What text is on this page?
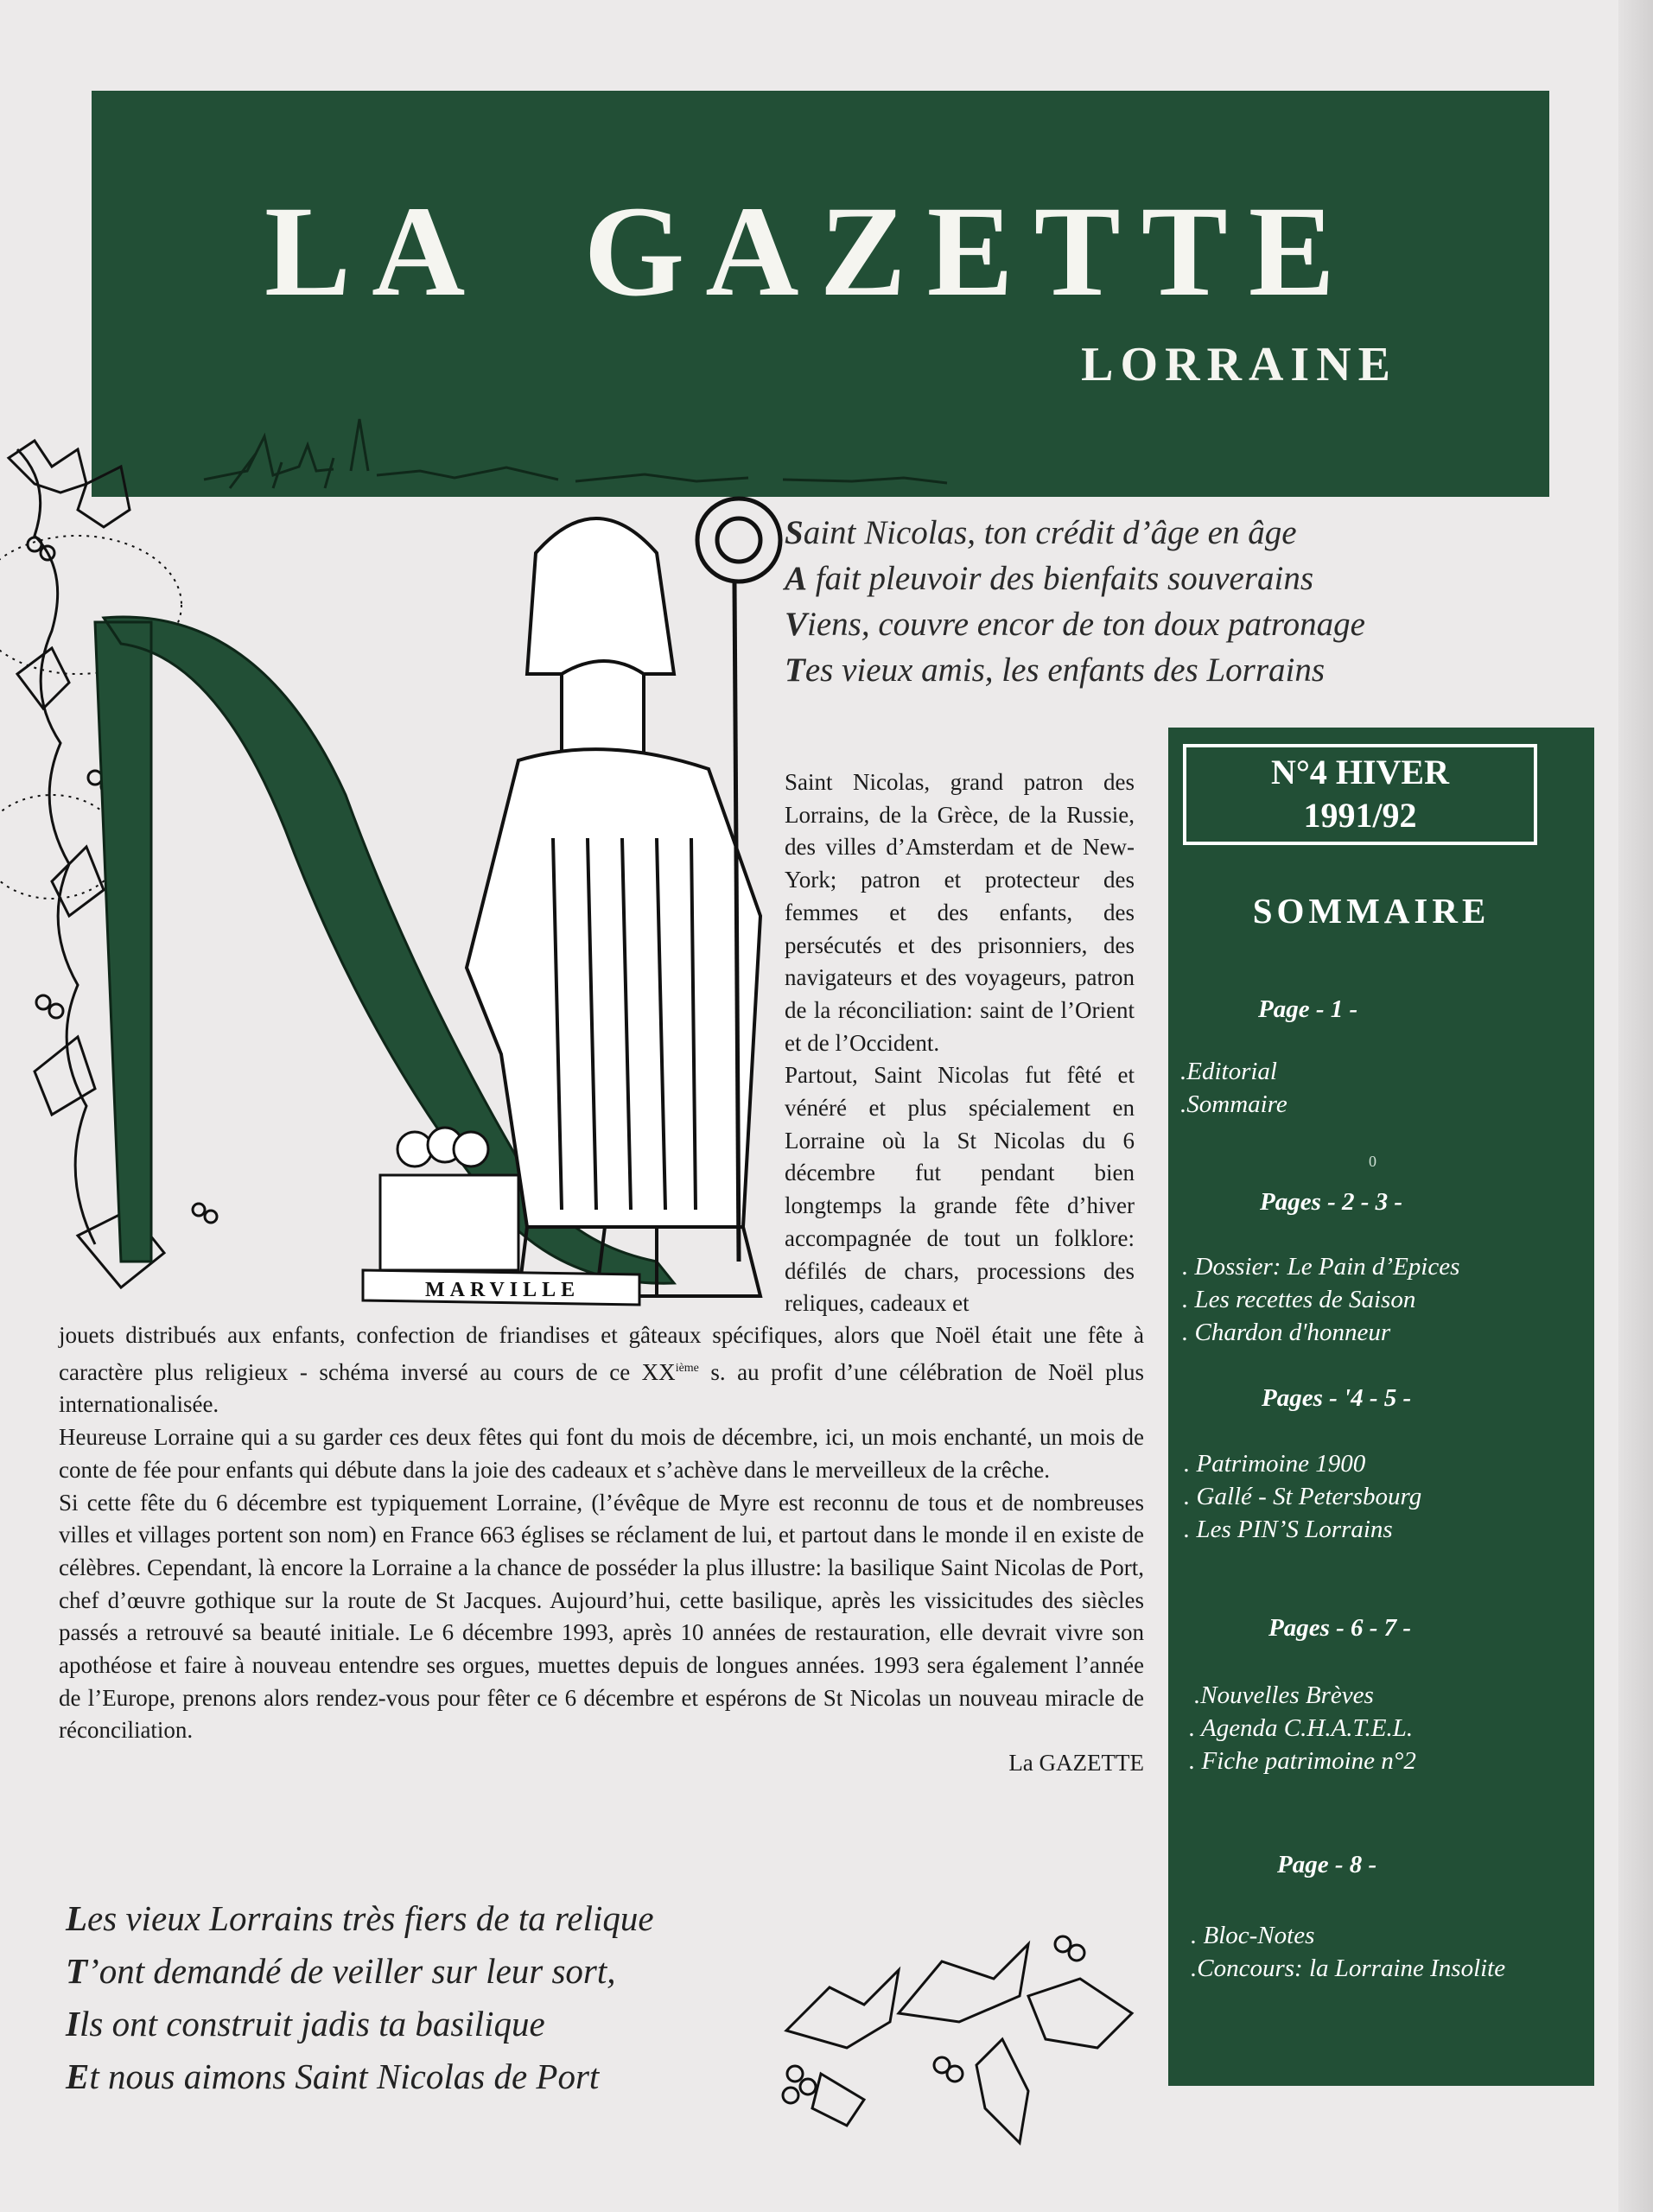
LA GAZETTE
LORRAINE
Saint Nicolas, ton crédit d’âge en âge
A fait pleuvoir des bienfaits souverains
Viens, couvre encor de ton doux patronage
Tes vieux amis, les enfants des Lorrains
MARVILLE

Saint Nicolas, grand patron des Lorrains, de la Grèce, de la Russie, des villes d’Amsterdam et de New-York; patron et protecteur des femmes et des enfants, des persécutés et des prisonniers, des navigateurs et des voyageurs, patron de la réconciliation: saint de l’Orient et de l’Occident.

Partout, Saint Nicolas fut fêté et vénéré et plus spécialement en Lorraine où la St Nicolas du 6 décembre fut pendant bien longtemps la grande fête d’hiver accompagnée de tout un folklore: défilés de chars, processions des reliques, cadeaux et

jouets distribués aux enfants, confection de friandises et gâteaux spécifiques, alors que Noël était une fête à caractère plus religieux - schéma inversé au cours de ce XXième s. au profit d’une célébration de Noël plus internationalisée.

Heureuse Lorraine qui a su garder ces deux fêtes qui font du mois de décembre, ici, un mois enchanté, un mois de conte de fée pour enfants qui débute dans la joie des cadeaux et s’achève dans le merveilleux de la crêche.

Si cette fête du 6 décembre est typiquement Lorraine, (l’évêque de Myre est reconnu de tous et de nombreuses villes et villages portent son nom) en France 663 églises se réclament de lui, et partout dans le monde il en existe de célèbres. Cependant, là encore la Lorraine a la chance de posséder la plus illustre: la basilique Saint Nicolas de Port, chef d’œuvre gothique sur la route de St Jacques. Aujourd’hui, cette basilique, après les vissicitudes des siècles passés a retrouvé sa beauté initiale. Le 6 décembre 1993, après 10 années de restauration, elle devrait vivre son apothéose et faire à nouveau entendre ses orgues, muettes depuis de longues années. 1993 sera également l’année de l’Europe, prenons alors rendez-vous pour fêter ce 6 décembre et espérons de St Nicolas un nouveau miracle de réconciliation.

La GAZETTE

Les vieux Lorrains très fiers de ta relique
T’ont demandé de veiller sur leur sort,
Ils ont construit jadis ta basilique
Et nous aimons Saint Nicolas de Port
N°4 HIVER
1991/92
SOMMAIRE
Page - 1 -
.Editorial
.Sommaire
0
Pages - 2 - 3 -
. Dossier: Le Pain d’Epices
. Les recettes de Saison
. Chardon d'honneur
Pages - '4 - 5 -
. Patrimoine 1900
. Gallé - St Petersbourg
. Les PIN’S Lorrains
Pages - 6 - 7 -
.Nouvelles Brèves
. Agenda C.H.A.T.E.L.
. Fiche patrimoine n°2
Page - 8 -
. Bloc-Notes
.Concours: la Lorraine Insolite
